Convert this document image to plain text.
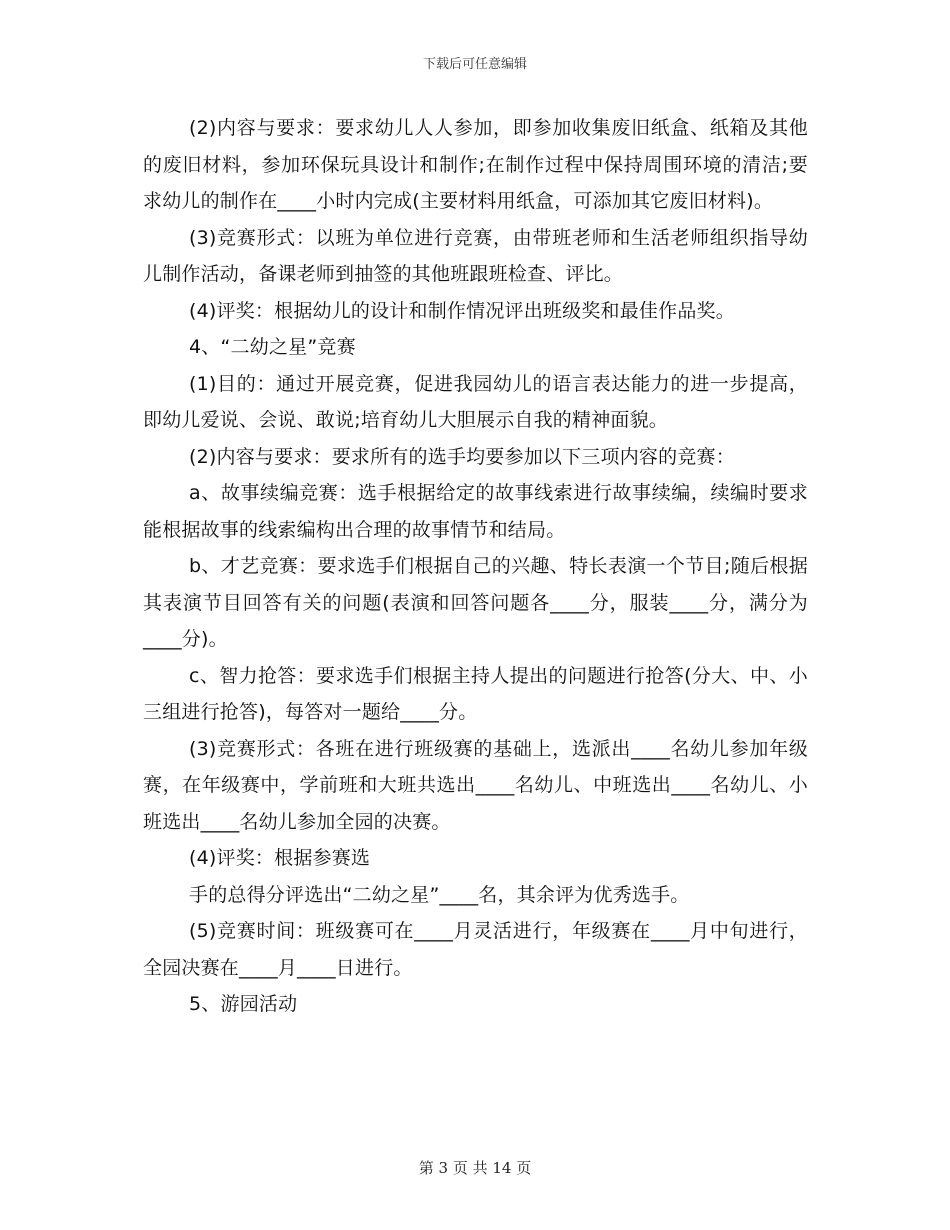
下载后可任意编辑

(2)内容与要求：要求幼儿人人参加，即参加收集废旧纸盒、纸箱及其他的废旧材料，参加环保玩具设计和制作;在制作过程中保持周围环境的清洁;要求幼儿的制作在____小时内完成(主要材料用纸盒，可添加其它废旧材料)。

(3)竞赛形式：以班为单位进行竞赛，由带班老师和生活老师组织指导幼儿制作活动，备课老师到抽签的其他班跟班检查、评比。

(4)评奖：根据幼儿的设计和制作情况评出班级奖和最佳作品奖。

4、“二幼之星”竞赛

(1)目的：通过开展竞赛，促进我园幼儿的语言表达能力的进一步提高，即幼儿爱说、会说、敢说;培育幼儿大胆展示自我的精神面貌。

(2)内容与要求：要求所有的选手均要参加以下三项内容的竞赛：

a、故事续编竞赛：选手根据给定的故事线索进行故事续编，续编时要求能根据故事的线索编构出合理的故事情节和结局。

b、才艺竞赛：要求选手们根据自己的兴趣、特长表演一个节目;随后根据其表演节目回答有关的问题(表演和回答问题各____分，服装____分，满分为____分)。

c、智力抢答：要求选手们根据主持人提出的问题进行抢答(分大、中、小三组进行抢答)，每答对一题给____分。

(3)竞赛形式：各班在进行班级赛的基础上，选派出____名幼儿参加年级赛，在年级赛中，学前班和大班共选出____名幼儿、中班选出____名幼儿、小班选出____名幼儿参加全园的决赛。

(4)评奖：根据参赛选

手的总得分评选出“二幼之星”____名，其余评为优秀选手。

(5)竞赛时间：班级赛可在____月灵活进行，年级赛在____月中旬进行，全园决赛在____月____日进行。

5、游园活动

第 3 页 共 14 页
